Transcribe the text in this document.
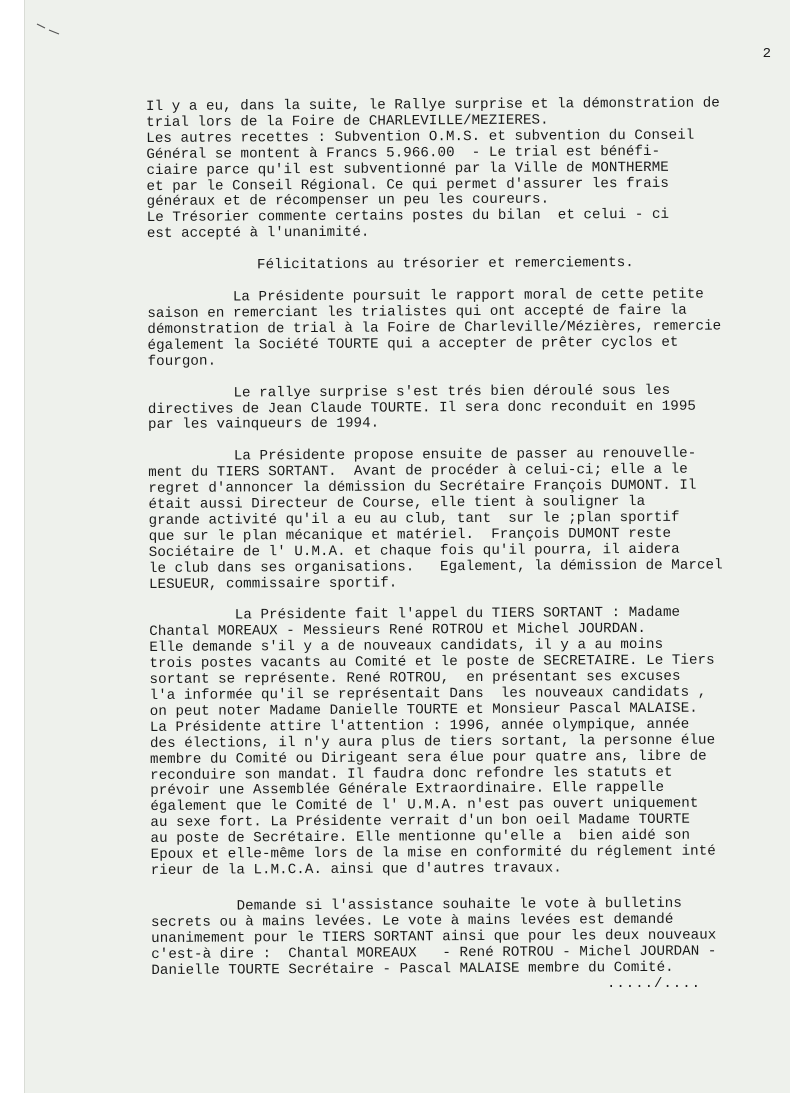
2
Il y a eu, dans la suite, le Rallye surprise et la démonstration de
trial lors de la Foire de CHARLEVILLE/MEZIERES.
Les autres recettes : Subvention O.M.S. et subvention du Conseil
Général se montent à Francs 5.966.00  - Le trial est bénéfi-
ciaire parce qu'il est subventionné par la Ville de MONTHERME
et par le Conseil Régional. Ce qui permet d'assurer les frais
généraux et de récompenser un peu les coureurs.
Le Trésorier commente certains postes du bilan  et celui - ci
est accepté à l'unanimité.
Félicitations au trésorier et remerciements.
La Présidente poursuit le rapport moral de cette petite
saison en remerciant les trialistes qui ont accepté de faire la
démonstration de trial à la Foire de Charleville/Mézières, remercie
également la Société TOURTE qui a accepter de prêter cyclos et
fourgon.
Le rallye surprise s'est trés bien déroulé sous les
directives de Jean Claude TOURTE. Il sera donc reconduit en 1995
par les vainqueurs de 1994.
La Présidente propose ensuite de passer au renouvelle-
ment du TIERS SORTANT.  Avant de procéder à celui-ci; elle a le
regret d'annoncer la démission du Secrétaire François DUMONT. Il
était aussi Directeur de Course, elle tient à souligner la
grande activité qu'il a eu au club, tant  sur le ;plan sportif
que sur le plan mécanique et matériel.  François DUMONT reste
Sociétaire de l' U.M.A. et chaque fois qu'il pourra, il aidera
le club dans ses organisations.   Egalement, la démission de Marcel
LESUEUR, commissaire sportif.
La Présidente fait l'appel du TIERS SORTANT : Madame
Chantal MOREAUX - Messieurs René ROTROU et Michel JOURDAN.
Elle demande s'il y a de nouveaux candidats, il y a au moins
trois postes vacants au Comité et le poste de SECRETAIRE. Le Tiers
sortant se représente. René ROTROU,  en présentant ses excuses
l'a informée qu'il se représentait Dans  les nouveaux candidats ,
on peut noter Madame Danielle TOURTE et Monsieur Pascal MALAISE.
La Présidente attire l'attention : 1996, année olympique, année
des élections, il n'y aura plus de tiers sortant, la personne élue
membre du Comité ou Dirigeant sera élue pour quatre ans, libre de
reconduire son mandat. Il faudra donc refondre les statuts et
prévoir une Assemblée Générale Extraordinaire. Elle rappelle
également que le Comité de l' U.M.A. n'est pas ouvert uniquement
au sexe fort. La Présidente verrait d'un bon oeil Madame TOURTE
au poste de Secrétaire. Elle mentionne qu'elle a  bien aidé son
Epoux et elle-même lors de la mise en conformité du réglement inté
rieur de la L.M.C.A. ainsi que d'autres travaux.
Demande si l'assistance souhaite le vote à bulletins
secrets ou à mains levées. Le vote à mains levées est demandé
unanimement pour le TIERS SORTANT ainsi que pour les deux nouveaux
c'est-à dire :  Chantal MOREAUX   - René ROTROU - Michel JOURDAN -
Danielle TOURTE Secrétaire - Pascal MALAISE membre du Comité.
...../....
